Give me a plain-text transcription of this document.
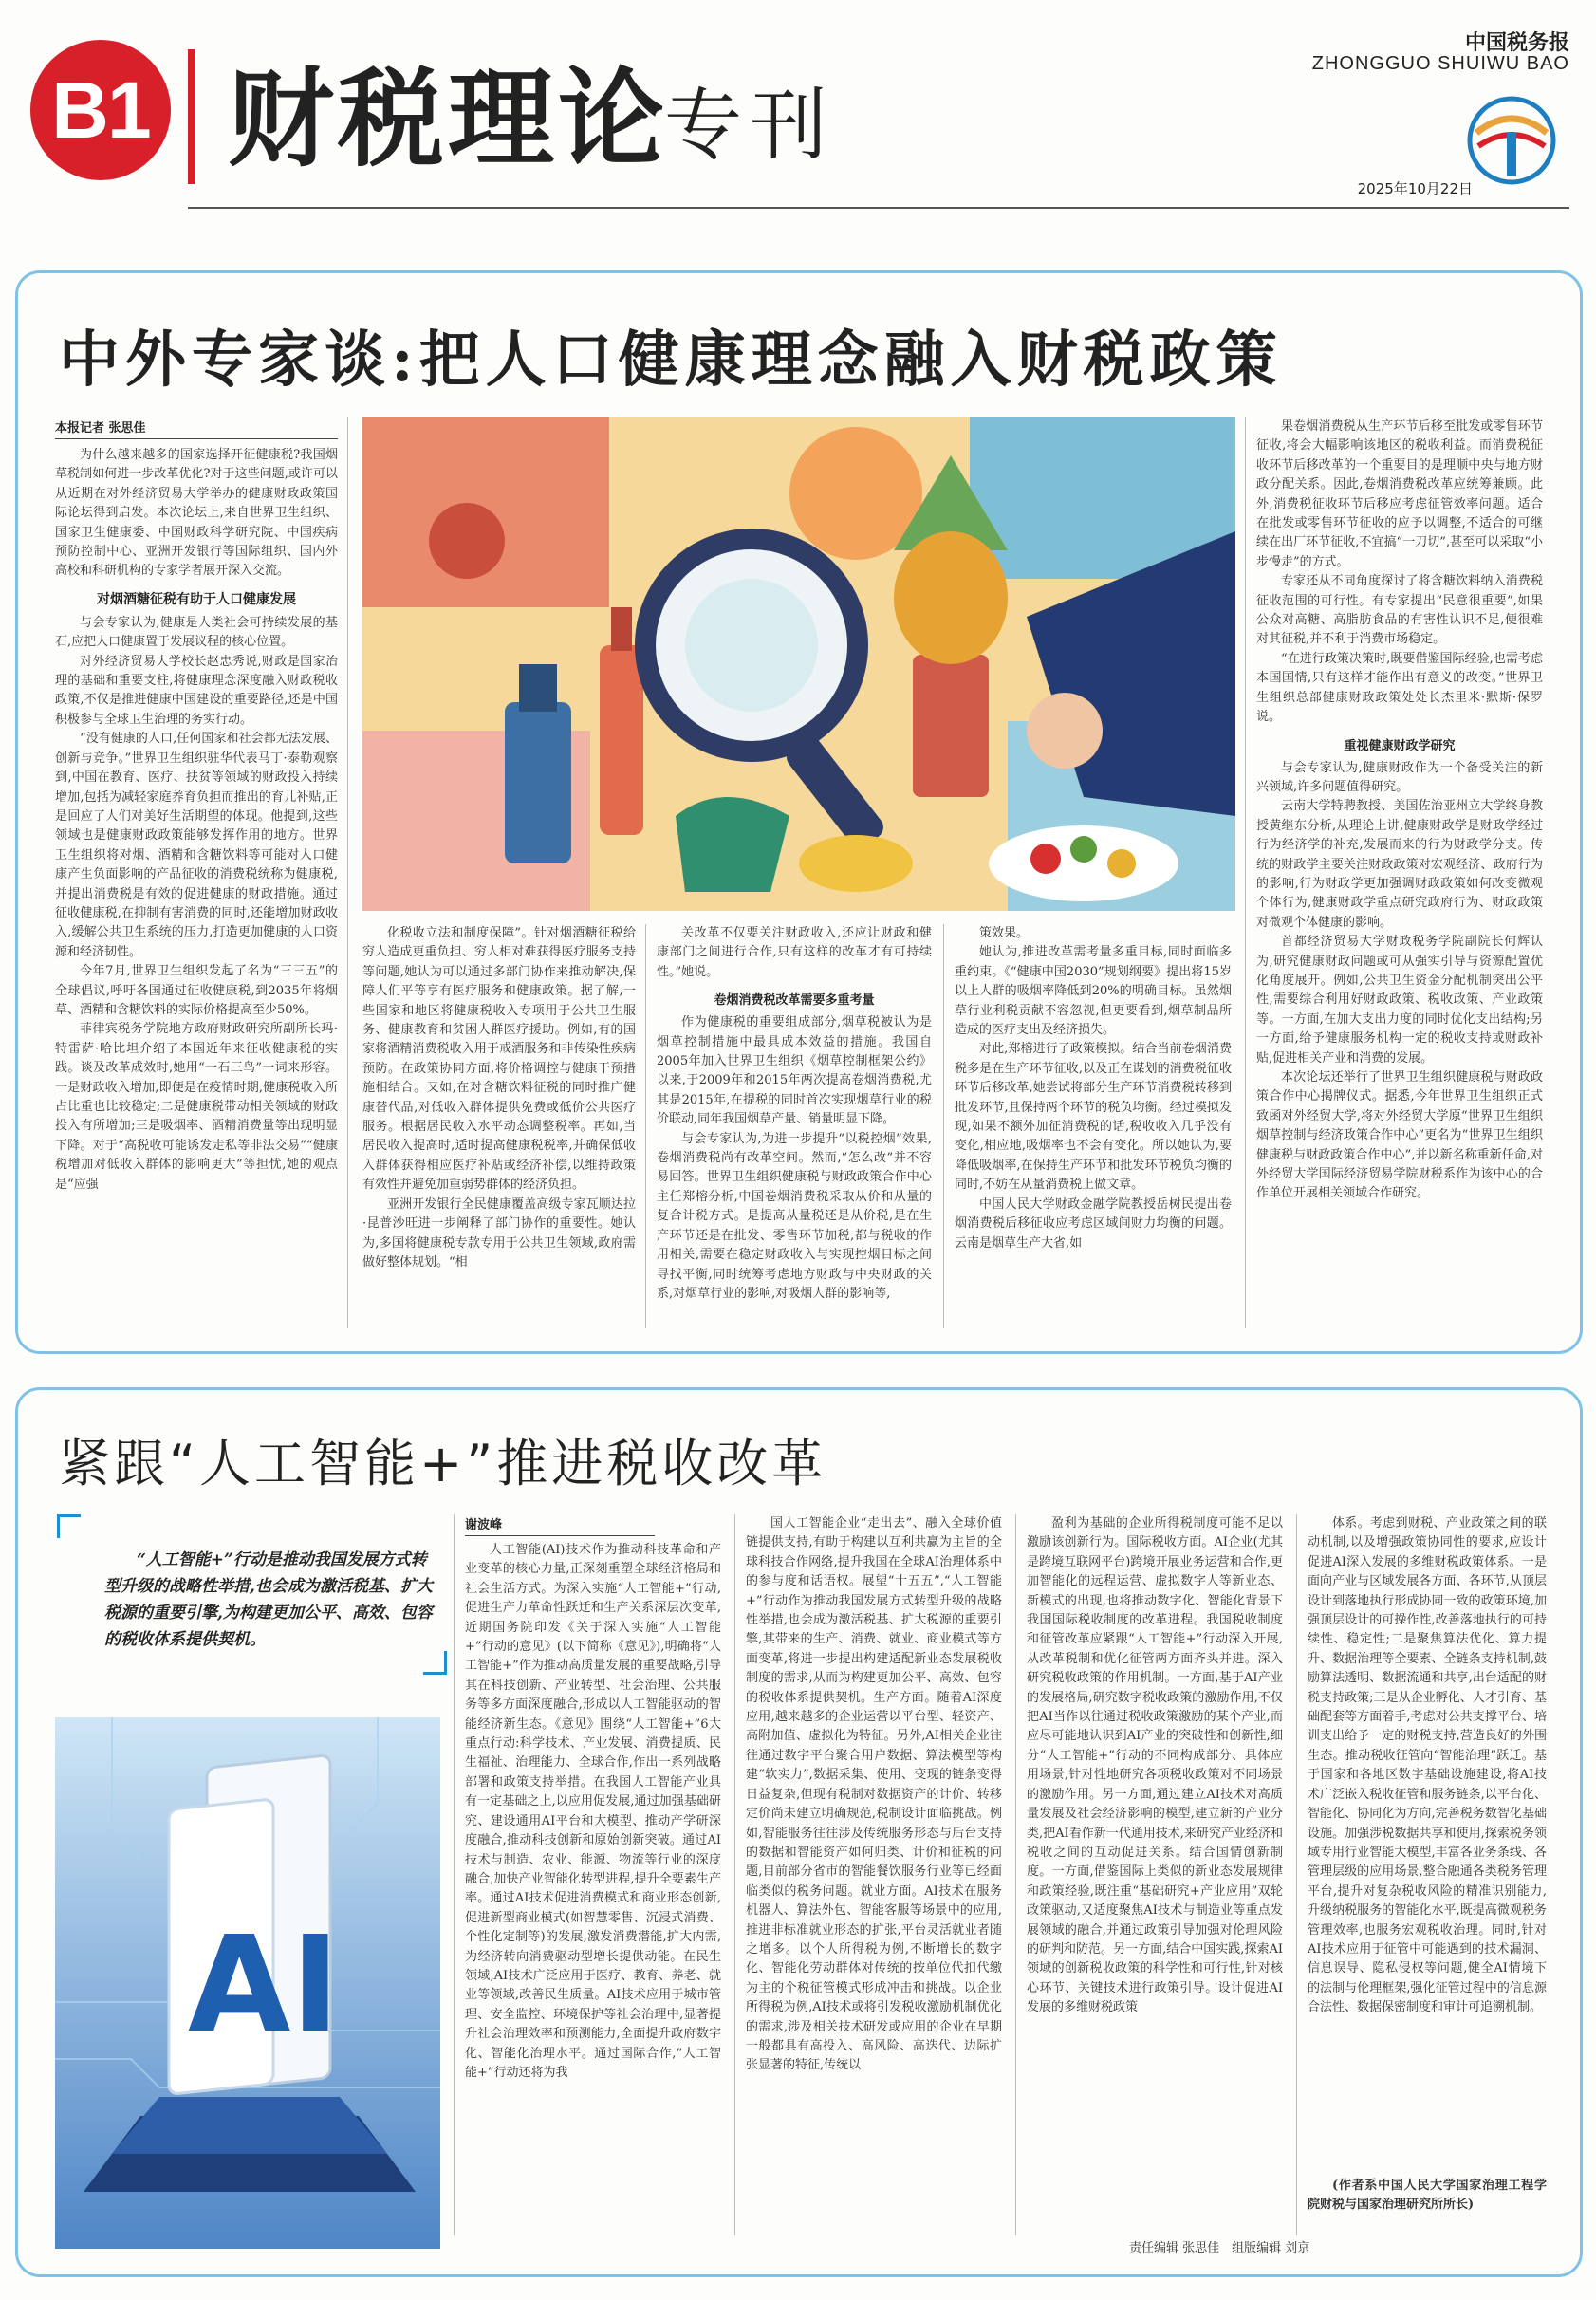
B1 财税理论
专刊
中国税务报
ZHONGGUO SHUIWU BAO
2025年10月22日
中外专家谈:把人口健康理念融入财税政策
本报记者 张思佳

为什么越来越多的国家选择开征健康税?我国烟草税制如何进一步改革优化?对于这些问题,或许可以从近期在对外经济贸易大学举办的健康财政政策国际论坛得到启发。本次论坛上,来自世界卫生组织、国家卫生健康委、中国财政科学研究院、中国疾病预防控制中心、亚洲开发银行等国际组织、国内外高校和科研机构的专家学者展开深入交流。

对烟酒糖征税有助于人口健康发展

与会专家认为,健康是人类社会可持续发展的基石,应把人口健康置于发展议程的核心位置。

对外经济贸易大学校长赵忠秀说,财政是国家治理的基础和重要支柱,将健康理念深度融入财政税收政策,不仅是推进健康中国建设的重要路径,还是中国积极参与全球卫生治理的务实行动。

“没有健康的人口,任何国家和社会都无法发展、创新与竞争。”世界卫生组织驻华代表马丁·泰勒观察到,中国在教育、医疗、扶贫等领域的财政投入持续增加,包括为减轻家庭养育负担而推出的育儿补贴,正是回应了人们对美好生活期望的体现。他提到,这些领域也是健康财政政策能够发挥作用的地方。世界卫生组织将对烟、酒精和含糖饮料等可能对人口健康产生负面影响的产品征收的消费税统称为健康税,并提出消费税是有效的促进健康的财政措施。通过征收健康税,在抑制有害消费的同时,还能增加财政收入,缓解公共卫生系统的压力,打造更加健康的人口资源和经济韧性。

今年7月,世界卫生组织发起了名为“三三五”的全球倡议,呼吁各国通过征收健康税,到2035年将烟草、酒精和含糖饮料的实际价格提高至少50%。

菲律宾税务学院地方政府财政研究所副所长玛·特雷萨·哈比坦介绍了本国近年来征收健康税的实践。谈及改革成效时,她用“一石三鸟”一词来形容。一是财政收入增加,即便是在疫情时期,健康税收入所占比重也比较稳定;二是健康税带动相关领域的财政投入有所增加;三是吸烟率、酒精消费量等出现明显下降。对于“高税收可能诱发走私等非法交易”“健康税增加对低收入群体的影响更大”等担忧,她的观点是“应强

化税收立法和制度保障”。针对烟酒糖征税给穷人造成更重负担、穷人相对难获得医疗服务支持等问题,她认为可以通过多部门协作来推动解决,保障人们平等享有医疗服务和健康政策。据了解,一些国家和地区将健康税收入专项用于公共卫生服务、健康教育和贫困人群医疗援助。例如,有的国家将酒精消费税收入用于戒酒服务和非传染性疾病预防。在政策协同方面,将价格调控与健康干预措施相结合。又如,在对含糖饮料征税的同时推广健康替代品,对低收入群体提供免费或低价公共医疗服务。根据居民收入水平动态调整税率。再如,当居民收入提高时,适时提高健康税税率,并确保低收入群体获得相应医疗补贴或经济补偿,以维持政策有效性并避免加重弱势群体的经济负担。

亚洲开发银行全民健康覆盖高级专家瓦顺达拉·昆普沙旺进一步阐释了部门协作的重要性。她认为,多国将健康税专款专用于公共卫生领域,政府需做好整体规划。“相

关改革不仅要关注财政收入,还应让财政和健康部门之间进行合作,只有这样的改革才有可持续性。”她说。

卷烟消费税改革需要多重考量

作为健康税的重要组成部分,烟草税被认为是烟草控制措施中最具成本效益的措施。我国自2005年加入世界卫生组织《烟草控制框架公约》以来,于2009年和2015年两次提高卷烟消费税,尤其是2015年,在提税的同时首次实现烟草行业的税价联动,同年我国烟草产量、销量明显下降。

与会专家认为,为进一步提升“以税控烟”效果,卷烟消费税尚有改革空间。然而,“怎么改”并不容易回答。世界卫生组织健康税与财政政策合作中心主任郑榕分析,中国卷烟消费税采取从价和从量的复合计税方式。是提高从量税还是从价税,是在生产环节还是在批发、零售环节加税,都与税收的作用相关,需要在稳定财政收入与实现控烟目标之间寻找平衡,同时统筹考虑地方财政与中央财政的关系,对烟草行业的影响,对吸烟人群的影响等,

策效果。

她认为,推进改革需考量多重目标,同时面临多重约束。《“健康中国2030”规划纲要》提出将15岁以上人群的吸烟率降低到20%的明确目标。虽然烟草行业利税贡献不容忽视,但更要看到,烟草制品所造成的医疗支出及经济损失。

对此,郑榕进行了政策模拟。结合当前卷烟消费税多是在生产环节征收,以及正在谋划的消费税征收环节后移改革,她尝试将部分生产环节消费税转移到批发环节,且保持两个环节的税负均衡。经过模拟发现,如果不额外加征消费税的话,税收收入几乎没有变化,相应地,吸烟率也不会有变化。所以她认为,要降低吸烟率,在保持生产环节和批发环节税负均衡的同时,不妨在从量消费税上做文章。

中国人民大学财政金融学院教授岳树民提出卷烟消费税后移征收应考虑区域间财力均衡的问题。云南是烟草生产大省,如

果卷烟消费税从生产环节后移至批发或零售环节征收,将会大幅影响该地区的税收利益。而消费税征收环节后移改革的一个重要目的是理顺中央与地方财政分配关系。因此,卷烟消费税改革应统筹兼顾。此外,消费税征收环节后移应考虑征管效率问题。适合在批发或零售环节征收的应予以调整,不适合的可继续在出厂环节征收,不宜搞“一刀切”,甚至可以采取“小步慢走”的方式。

专家还从不同角度探讨了将含糖饮料纳入消费税征收范围的可行性。有专家提出“民意很重要”,如果公众对高糖、高脂肪食品的有害性认识不足,便很难对其征税,并不利于消费市场稳定。

“在进行政策决策时,既要借鉴国际经验,也需考虑本国国情,只有这样才能作出有意义的改变。”世界卫生组织总部健康财政政策处处长杰里米·默斯·保罗说。

重视健康财政学研究

与会专家认为,健康财政作为一个备受关注的新兴领域,许多问题值得研究。

云南大学特聘教授、美国佐治亚州立大学终身教授黄继东分析,从理论上讲,健康财政学是财政学经过行为经济学的补充,发展而来的行为财政学分支。传统的财政学主要关注财政政策对宏观经济、政府行为的影响,行为财政学更加强调财政政策如何改变微观个体行为,健康财政学重点研究政府行为、财政政策对微观个体健康的影响。

首都经济贸易大学财政税务学院副院长何辉认为,研究健康财政问题或可从强实引导与资源配置优化角度展开。例如,公共卫生资金分配机制突出公平性,需要综合利用好财政政策、税收政策、产业政策等。一方面,在加大支出力度的同时优化支出结构;另一方面,给予健康服务机构一定的税收支持或财政补贴,促进相关产业和消费的发展。

本次论坛还举行了世界卫生组织健康税与财政政策合作中心揭牌仪式。据悉,今年世界卫生组织正式致函对外经贸大学,将对外经贸大学原“世界卫生组织烟草控制与经济政策合作中心”更名为“世界卫生组织健康税与财政政策合作中心”,并以新名称重新任命,对外经贸大学国际经济贸易学院财税系作为该中心的合作单位开展相关领域合作研究。

紧跟“人工智能+”推进税收改革
“人工智能+”行动是推动我国发展方式转型升级的战略性举措,也会成为激活税基、扩大税源的重要引擎,为构建更加公平、高效、包容的税收体系提供契机。
AI
谢波峰

人工智能(AI)技术作为推动科技革命和产业变革的核心力量,正深刻重塑全球经济格局和社会生活方式。为深入实施“人工智能+”行动,促进生产力革命性跃迁和生产关系深层次变革,近期国务院印发《关于深入实施“人工智能+”行动的意见》(以下简称《意见》),明确将“人工智能+”作为推动高质量发展的重要战略,引导其在科技创新、产业转型、社会治理、公共服务等多方面深度融合,形成以人工智能驱动的智能经济新生态。《意见》围绕“人工智能+”6大重点行动:科学技术、产业发展、消费提质、民生福祉、治理能力、全球合作,作出一系列战略部署和政策支持举措。在我国人工智能产业具有一定基础之上,以应用促发展,通过加强基础研究、建设通用AI平台和大模型、推动产学研深度融合,推动科技创新和原始创新突破。通过AI技术与制造、农业、能源、物流等行业的深度融合,加快产业智能化转型进程,提升全要素生产率。通过AI技术促进消费模式和商业形态创新,促进新型商业模式(如智慧零售、沉浸式消费、个性化定制等)的发展,激发消费潜能,扩大内需,为经济转向消费驱动型增长提供动能。在民生领域,AI技术广泛应用于医疗、教育、养老、就业等领域,改善民生质量。AI技术应用于城市管理、安全监控、环境保护等社会治理中,显著提升社会治理效率和预测能力,全面提升政府数字化、智能化治理水平。通过国际合作,“人工智能+”行动还将为我

国人工智能企业“走出去”、融入全球价值链提供支持,有助于构建以互利共赢为主旨的全球科技合作网络,提升我国在全球AI治理体系中的参与度和话语权。展望“十五五”,“人工智能+”行动作为推动我国发展方式转型升级的战略性举措,也会成为激活税基、扩大税源的重要引擎,其带来的生产、消费、就业、商业模式等方面变革,将进一步提出构建适配新业态发展税收制度的需求,从而为构建更加公平、高效、包容的税收体系提供契机。生产方面。随着AI深度应用,越来越多的企业运营以平台型、轻资产、高附加值、虚拟化为特征。另外,AI相关企业往往通过数字平台聚合用户数据、算法模型等构建“软实力”,数据采集、使用、变现的链条变得日益复杂,但现有税制对数据资产的计价、转移定价尚未建立明确规范,税制设计面临挑战。例如,智能服务往往涉及传统服务形态与后台支持的数据和智能资产如何归类、计价和征税的问题,目前部分省市的智能餐饮服务行业等已经面临类似的税务问题。就业方面。AI技术在服务机器人、算法外包、智能客服等场景中的应用,推进非标准就业形态的扩张,平台灵活就业者随之增多。以个人所得税为例,不断增长的数字化、智能化劳动群体对传统的按单位代扣代缴为主的个税征管模式形成冲击和挑战。以企业所得税为例,AI技术或将引发税收激励机制优化的需求,涉及相关技术研发或应用的企业在早期一般都具有高投入、高风险、高迭代、边际扩张显著的特征,传统以

盈利为基础的企业所得税制度可能不足以激励该创新行为。国际税收方面。AI企业(尤其是跨境互联网平台)跨境开展业务运营和合作,更加智能化的远程运营、虚拟数字人等新业态、新模式的出现,也将推动数字化、智能化背景下我国国际税收制度的改革进程。我国税收制度和征管改革应紧跟“人工智能+”行动深入开展,从改革税制和优化征管两方面齐头并进。深入研究税收政策的作用机制。一方面,基于AI产业的发展格局,研究数字税收政策的激励作用,不仅把AI当作以往通过税收政策激励的某个产业,而应尽可能地认识到AI产业的突破性和创新性,细分“人工智能+”行动的不同构成部分、具体应用场景,针对性地研究各项税收政策对不同场景的激励作用。另一方面,通过建立AI技术对高质量发展及社会经济影响的模型,建立新的产业分类,把AI看作新一代通用技术,来研究产业经济和税收之间的互动促进关系。结合国情创新制度。一方面,借鉴国际上类似的新业态发展规律和政策经验,既注重“基础研究+产业应用”双轮政策驱动,又适度聚焦AI技术与制造业等重点发展领域的融合,并通过政策引导加强对伦理风险的研判和防范。另一方面,结合中国实践,探索AI领域的创新税收政策的科学性和可行性,针对核心环节、关键技术进行政策引导。设计促进AI发展的多维财税政策

体系。考虑到财税、产业政策之间的联动机制,以及增强政策协同性的要求,应设计促进AI深入发展的多维财税政策体系。一是面向产业与区域发展各方面、各环节,从顶层设计到落地执行形成协同一致的政策环境,加强顶层设计的可操作性,改善落地执行的可持续性、稳定性;二是聚焦算法优化、算力提升、数据治理等全要素、全链条支持机制,鼓励算法透明、数据流通和共享,出台适配的财税支持政策;三是从企业孵化、人才引育、基础配套等方面着手,考虑对公共支撑平台、培训支出给予一定的财税支持,营造良好的外围生态。推动税收征管向“智能治理”跃迁。基于国家和各地区数字基础设施建设,将AI技术广泛嵌入税收征管和服务链条,以平台化、智能化、协同化为方向,完善税务数智化基础设施。加强涉税数据共享和使用,探索税务领域专用行业智能大模型,丰富各业务条线、各管理层级的应用场景,整合融通各类税务管理平台,提升对复杂税收风险的精准识别能力,升级纳税服务的智能化水平,既提高微观税务管理效率,也服务宏观税收治理。同时,针对AI技术应用于征管中可能遇到的技术漏洞、信息误导、隐私侵权等问题,健全AI情境下的法制与伦理框架,强化征管过程中的信息源合法性、数据保密制度和审计可追溯机制。

(作者系中国人民大学国家治理工程学院财税与国家治理研究所所长)

责任编辑 张思佳　组版编辑 刘京
